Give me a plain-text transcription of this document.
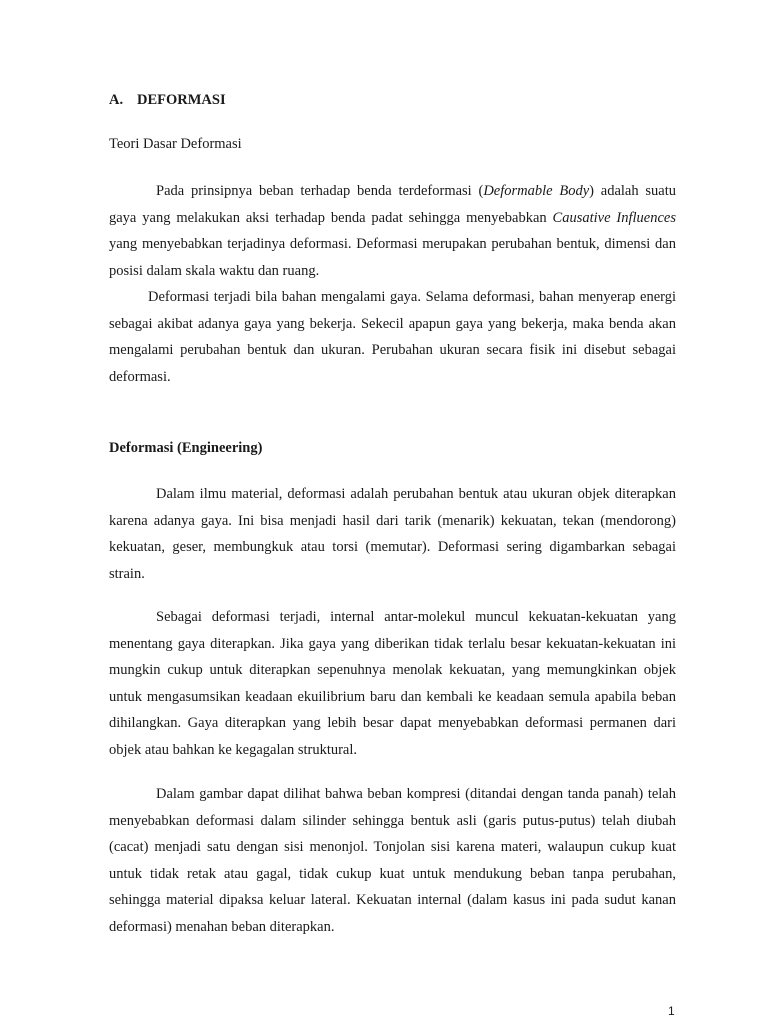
A. DEFORMASI
Teori Dasar Deformasi

Pada prinsipnya beban terhadap benda terdeformasi (Deformable Body) adalah suatu gaya yang melakukan aksi terhadap benda padat sehingga menyebabkan Causative Influences yang menyebabkan terjadinya deformasi. Deformasi merupakan perubahan bentuk, dimensi dan posisi dalam skala waktu dan ruang.

Deformasi terjadi bila bahan mengalami gaya. Selama deformasi, bahan menyerap energi sebagai akibat adanya gaya yang bekerja. Sekecil apapun gaya yang bekerja, maka benda akan mengalami perubahan bentuk dan ukuran. Perubahan ukuran secara fisik ini disebut sebagai deformasi.

Deformasi (Engineering)

Dalam ilmu material, deformasi adalah perubahan bentuk atau ukuran objek diterapkan karena adanya gaya. Ini bisa menjadi hasil dari tarik (menarik) kekuatan, tekan (mendorong) kekuatan, geser, membungkuk atau torsi (memutar). Deformasi sering digambarkan sebagai strain.

Sebagai deformasi terjadi, internal antar-molekul muncul kekuatan-kekuatan yang menentang gaya diterapkan. Jika gaya yang diberikan tidak terlalu besar kekuatan-kekuatan ini mungkin cukup untuk diterapkan sepenuhnya menolak kekuatan, yang memungkinkan objek untuk mengasumsikan keadaan ekuilibrium baru dan kembali ke keadaan semula apabila beban dihilangkan. Gaya diterapkan yang lebih besar dapat menyebabkan deformasi permanen dari objek atau bahkan ke kegagalan struktural.

Dalam gambar dapat dilihat bahwa beban kompresi (ditandai dengan tanda panah) telah menyebabkan deformasi dalam silinder sehingga bentuk asli (garis putus-putus) telah diubah (cacat) menjadi satu dengan sisi menonjol. Tonjolan sisi karena materi, walaupun cukup kuat untuk tidak retak atau gagal, tidak cukup kuat untuk mendukung beban tanpa perubahan, sehingga material dipaksa keluar lateral. Kekuatan internal (dalam kasus ini pada sudut kanan deformasi) menahan beban diterapkan.

1
